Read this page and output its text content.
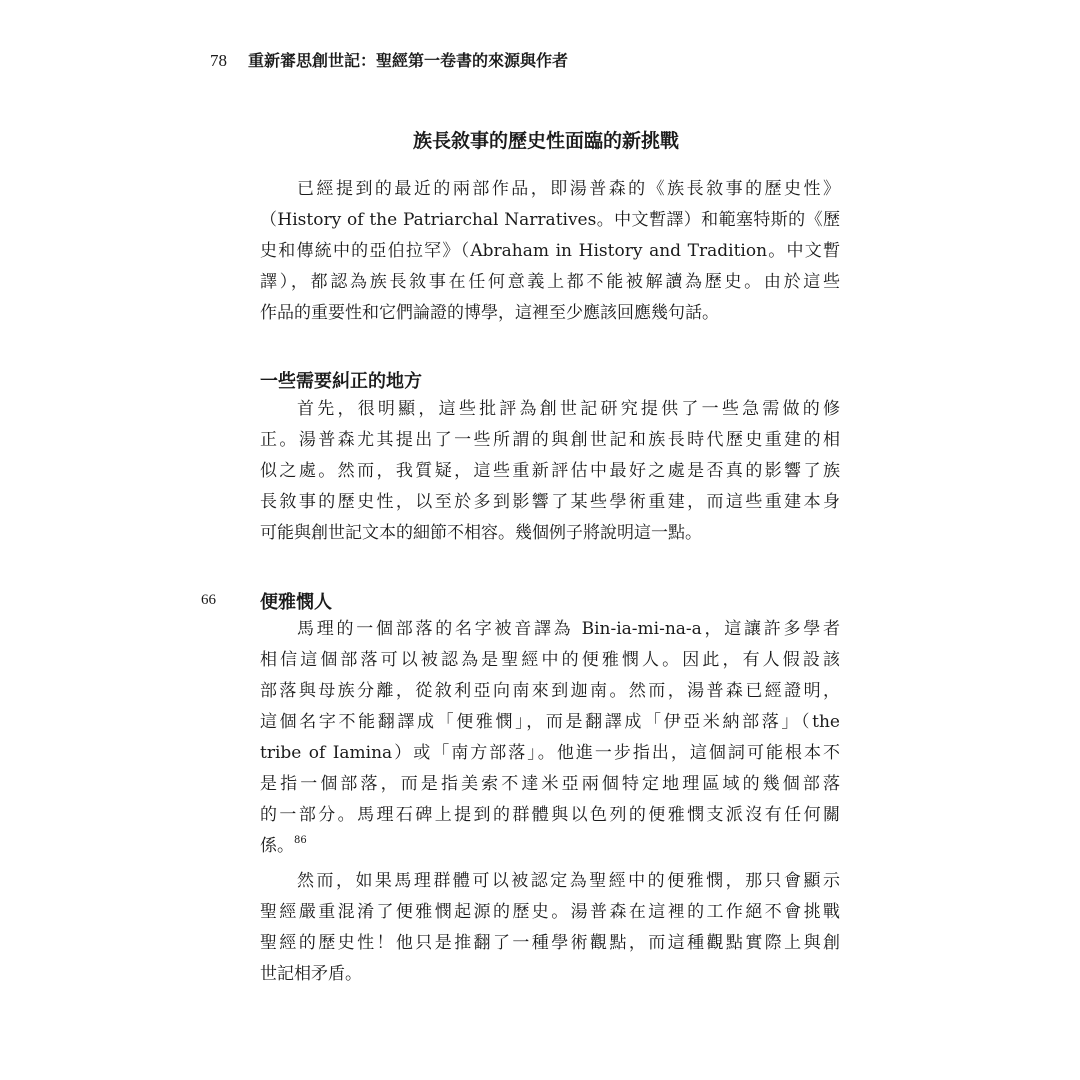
78	重新審思創世記：聖經第一卷書的來源與作者
族長敘事的歷史性面臨的新挑戰
已經提到的最近的兩部作品，即湯普森的《族長敘事的歷史性》
（History of the Patriarchal Narratives。中文暫譯）和範塞特斯的《歷
史和傳統中的亞伯拉罕》（Abraham in History and Tradition。中文暫
譯），都認為族長敘事在任何意義上都不能被解讀為歷史。由於這些
作品的重要性和它們論證的博學，這裡至少應該回應幾句話。
一些需要糾正的地方
首先，很明顯，這些批評為創世記研究提供了一些急需做的修
正。湯普森尤其提出了一些所謂的與創世記和族長時代歷史重建的相
似之處。然而，我質疑，這些重新評估中最好之處是否真的影響了族
長敘事的歷史性，以至於多到影響了某些學術重建，而這些重建本身
可能與創世記文本的細節不相容。幾個例子將說明這一點。
66 便雅憫人
馬理的一個部落的名字被音譯為 Bin-ia-mi-na-a，這讓許多學者
相信這個部落可以被認為是聖經中的便雅憫人。因此，有人假設該
部落與母族分離，從敘利亞向南來到迦南。然而，湯普森已經證明，
這個名字不能翻譯成「便雅憫」，而是翻譯成「伊亞米納部落」（the
tribe of Iamina）或「南方部落」。他進一步指出，這個詞可能根本不
是指一個部落，而是指美索不達米亞兩個特定地理區域的幾個部落
的一部分。馬理石碑上提到的群體與以色列的便雅憫支派沒有任何關
係。$^{86}$
然而，如果馬理群體可以被認定為聖經中的便雅憫，那只會顯示
聖經嚴重混淆了便雅憫起源的歷史。湯普森在這裡的工作絕不會挑戰
聖經的歷史性！他只是推翻了一種學術觀點，而這種觀點實際上與創
世記相矛盾。
